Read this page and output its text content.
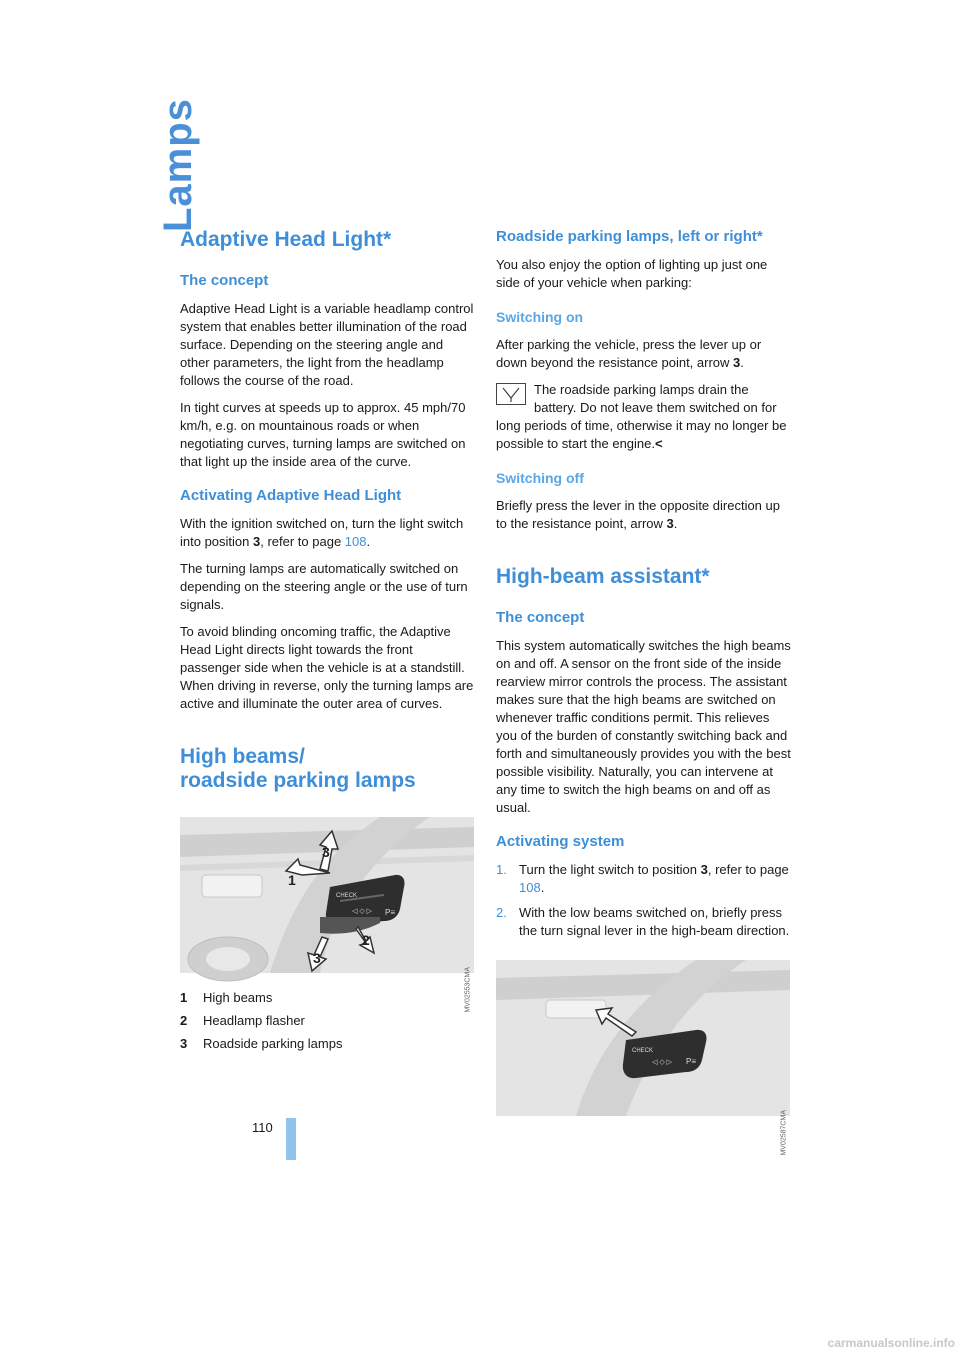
Lamps
Adaptive Head Light*
The concept

Adaptive Head Light is a variable headlamp control system that enables better illumination of the road surface. Depending on the steering angle and other parameters, the light from the headlamp follows the course of the road.

In tight curves at speeds up to approx. 45 mph/70 km/h, e.g. on mountainous roads or when negotiating curves, turning lamps are switched on that light up the inside area of the curve.

Activating Adaptive Head Light

With the ignition switched on, turn the light switch into position 3, refer to page 108.

The turning lamps are automatically switched on depending on the steering angle or the use of turn signals.

To avoid blinding oncoming traffic, the Adaptive Head Light directs light towards the front passenger side when the vehicle is at a standstill. When driving in reverse, only the turning lamps are active and illuminate the outer area of curves.

High beams/
roadside parking lamps
CHECK
◁ ◇ ▷ P≡
1
3
3
2
MV02553CMA
1	High beams
2	Headlamp flasher
3	Roadside parking lamps
Roadside parking lamps, left or right*

You also enjoy the option of lighting up just one side of your vehicle when parking:

Switching on

After parking the vehicle, press the lever up or down beyond the resistance point, arrow 3.

The roadside parking lamps drain the battery. Do not leave them switched on for long periods of time, otherwise it may no longer be possible to start the engine.<

Switching off

Briefly press the lever in the opposite direction up to the resistance point, arrow 3.

High-beam assistant*
The concept

This system automatically switches the high beams on and off. A sensor on the front side of the inside rearview mirror controls the process. The assistant makes sure that the high beams are switched on whenever traffic conditions permit. This relieves you of the burden of constantly switching back and forth and simultaneously provides you with the best possible visibility. Naturally, you can intervene at any time to switch the high beams on and off as usual.

Activating system
1. Turn the light switch to position 3, refer to page 108.
2. With the low beams switched on, briefly press the turn signal lever in the high-beam direction.
CHECK
◁ ◇ ▷ P≡
MV02587CMA
110
carmanualsonline.info
